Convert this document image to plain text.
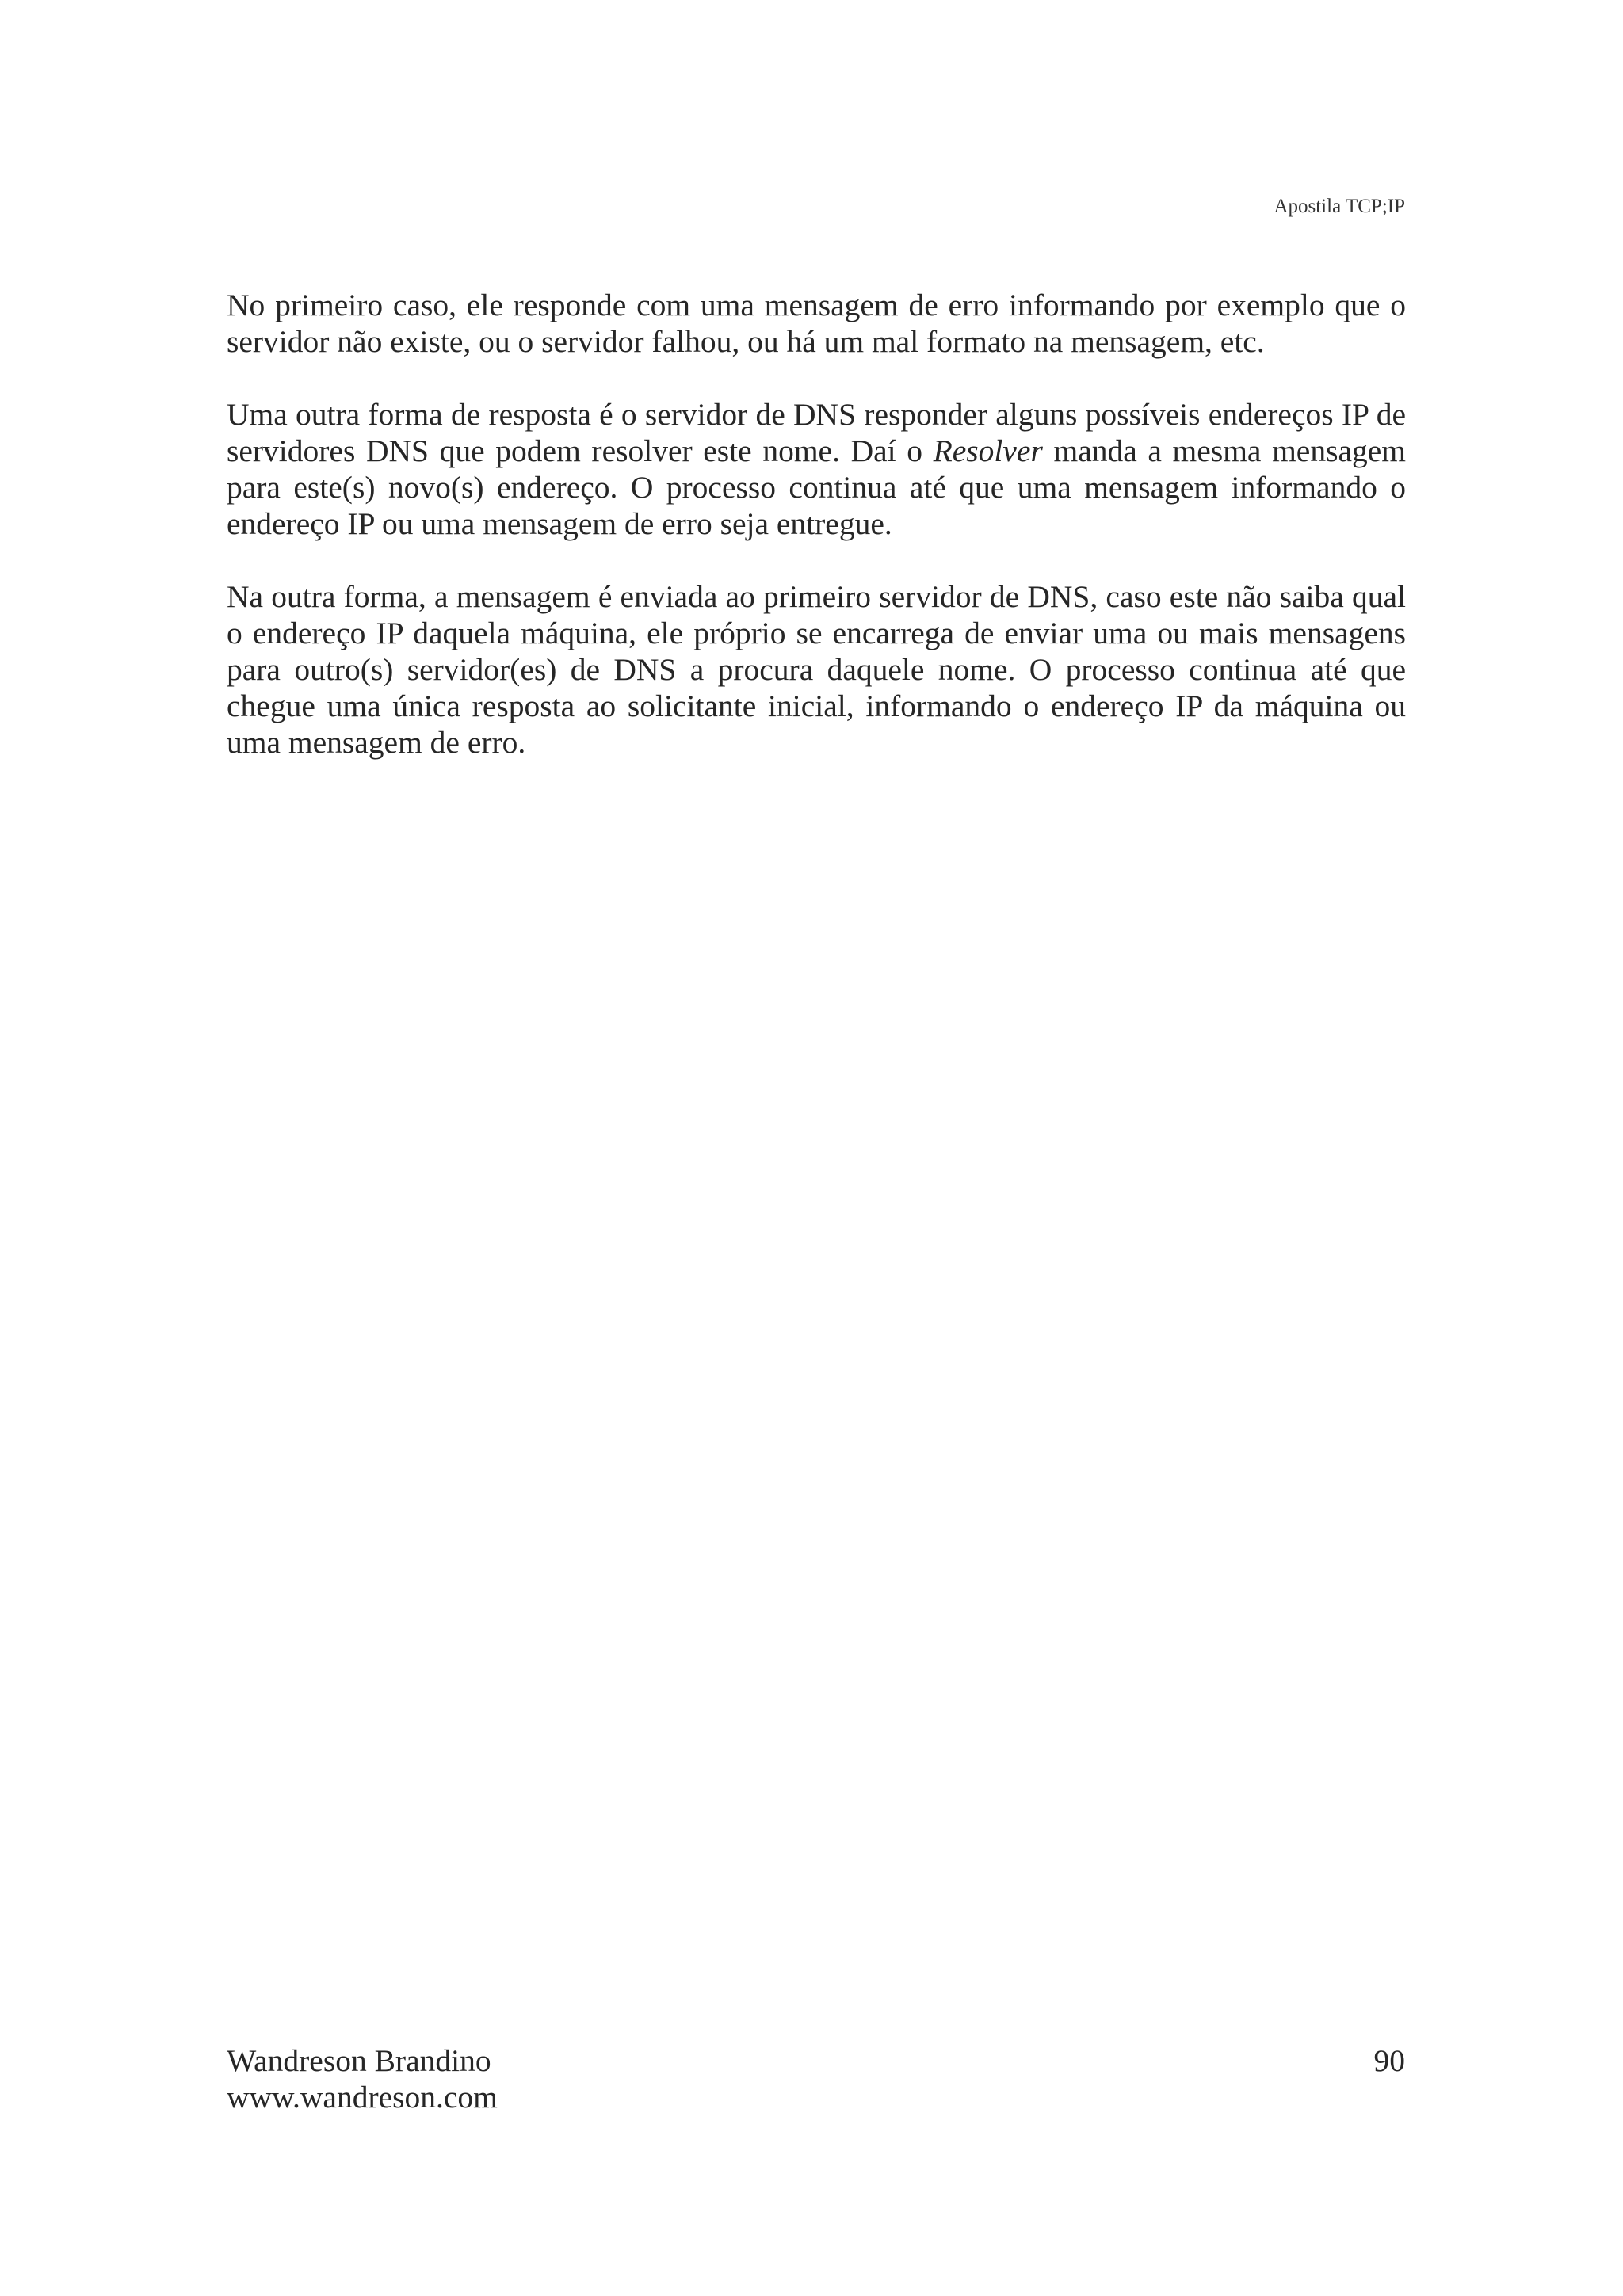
Apostila TCP;IP

No primeiro caso, ele responde com uma mensagem de erro informando por exemplo que o servidor não existe, ou o servidor falhou, ou há um mal formato na mensagem, etc.

Uma outra forma de resposta é o servidor de DNS responder alguns possíveis endereços IP de servidores DNS que podem resolver este nome. Daí o Resolver manda a mesma mensagem para este(s) novo(s) endereço. O processo continua até que uma mensagem informando o endereço IP ou uma mensagem de erro seja entregue.

Na outra forma, a mensagem é enviada ao primeiro servidor de DNS, caso este não saiba qual o endereço IP daquela máquina, ele próprio se encarrega de enviar uma ou mais mensagens para outro(s) servidor(es) de DNS a procura daquele nome. O processo continua até que chegue uma única resposta ao solicitante inicial, informando o endereço IP da máquina ou uma mensagem de erro.

Wandreson Brandino
www.wandreson.com
90
